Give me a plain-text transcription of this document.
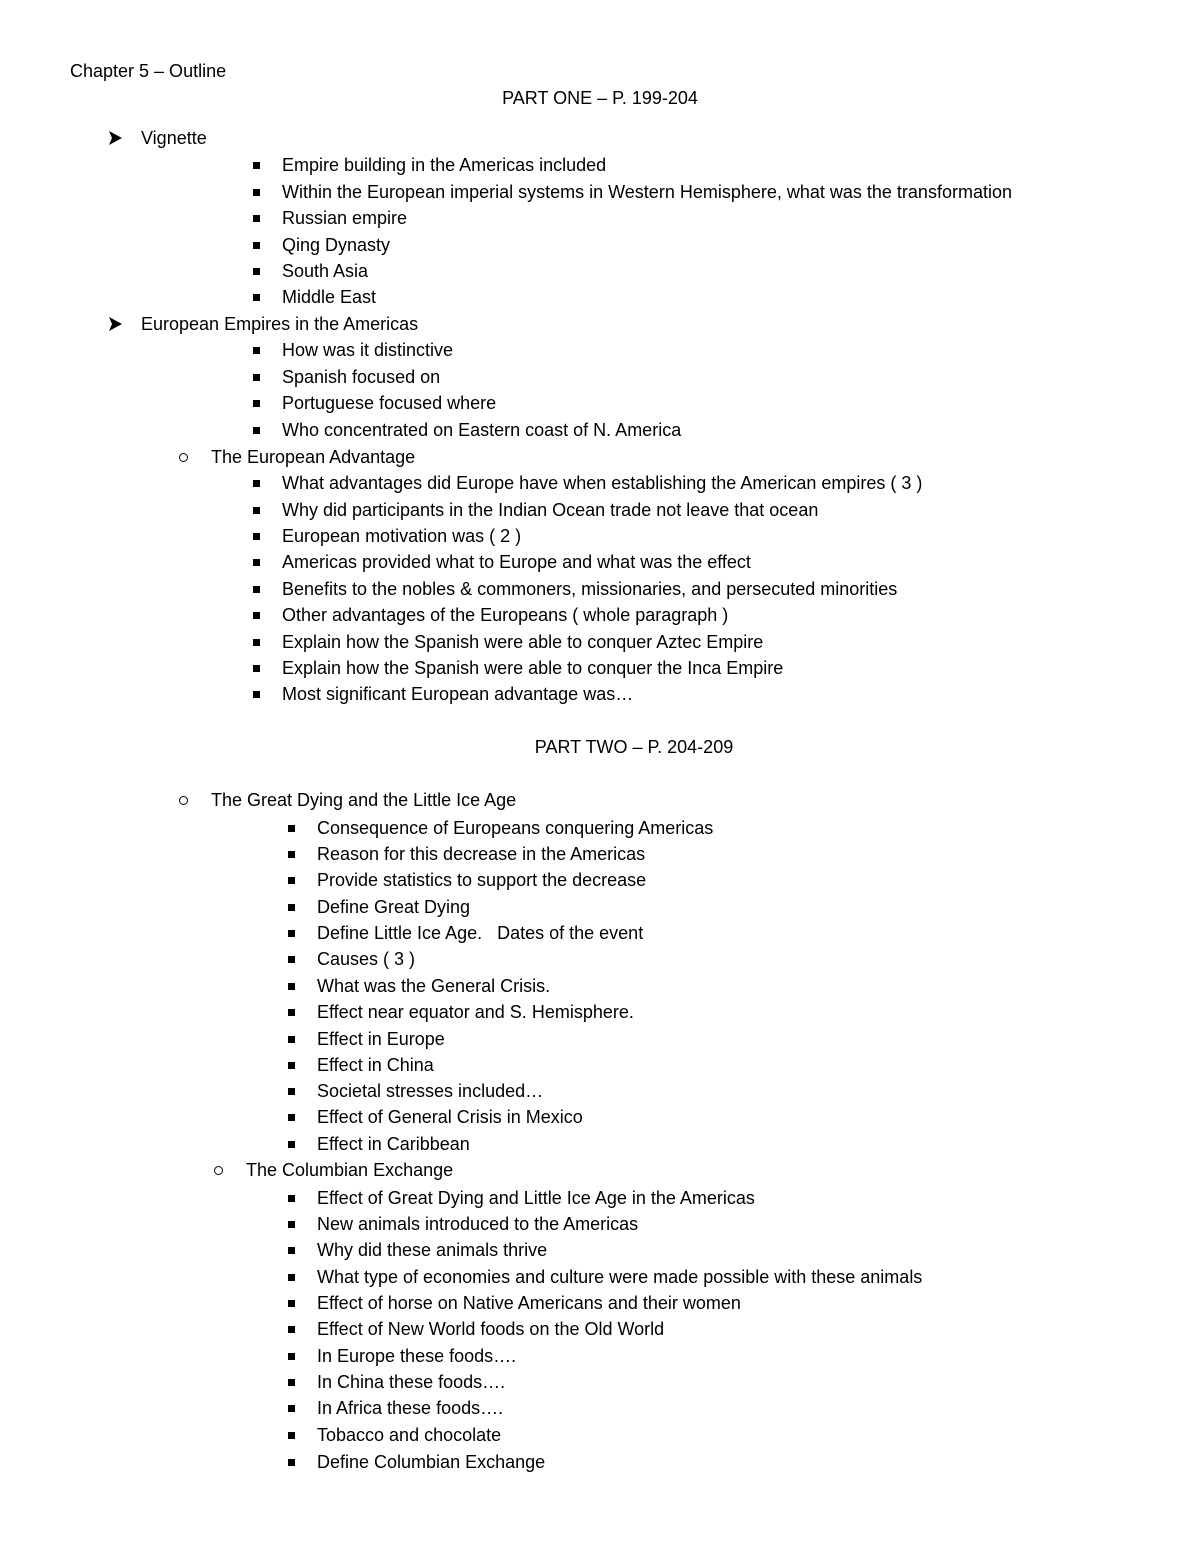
Chapter 5 – Outline
PART ONE – P. 199-204
Vignette
Empire building in the Americas included
Within the European imperial systems in Western Hemisphere, what was the transformation
Russian empire
Qing Dynasty
South Asia
Middle East
European Empires in the Americas
How was it distinctive
Spanish focused on
Portuguese focused where
Who concentrated on Eastern coast of N. America
The European Advantage
What advantages did Europe have when establishing the American empires ( 3 )
Why did participants in the Indian Ocean trade not leave that ocean
European motivation was ( 2 )
Americas provided what to Europe and what was the effect
Benefits to the nobles & commoners, missionaries, and persecuted minorities
Other advantages of the Europeans ( whole paragraph )
Explain how the Spanish were able to conquer Aztec Empire
Explain how the Spanish were able to conquer the Inca Empire
Most significant European advantage was…
PART TWO – P. 204-209
The Great Dying and the Little Ice Age
Consequence of Europeans conquering Americas
Reason for this decrease in the Americas
Provide statistics to support the decrease
Define Great Dying
Define Little Ice Age.   Dates of the event
Causes ( 3 )
What was the General Crisis.
Effect near equator and S. Hemisphere.
Effect in Europe
Effect in China
Societal stresses included…
Effect of General Crisis in Mexico
Effect in Caribbean
The Columbian Exchange
Effect of Great Dying and Little Ice Age in the Americas
New animals introduced to the Americas
Why did these animals thrive
What type of economies and culture were made possible with these animals
Effect of horse on Native Americans and their women
Effect of New World foods on the Old World
In Europe these foods….
In China these foods….
In Africa these foods….
Tobacco and chocolate
Define Columbian Exchange
